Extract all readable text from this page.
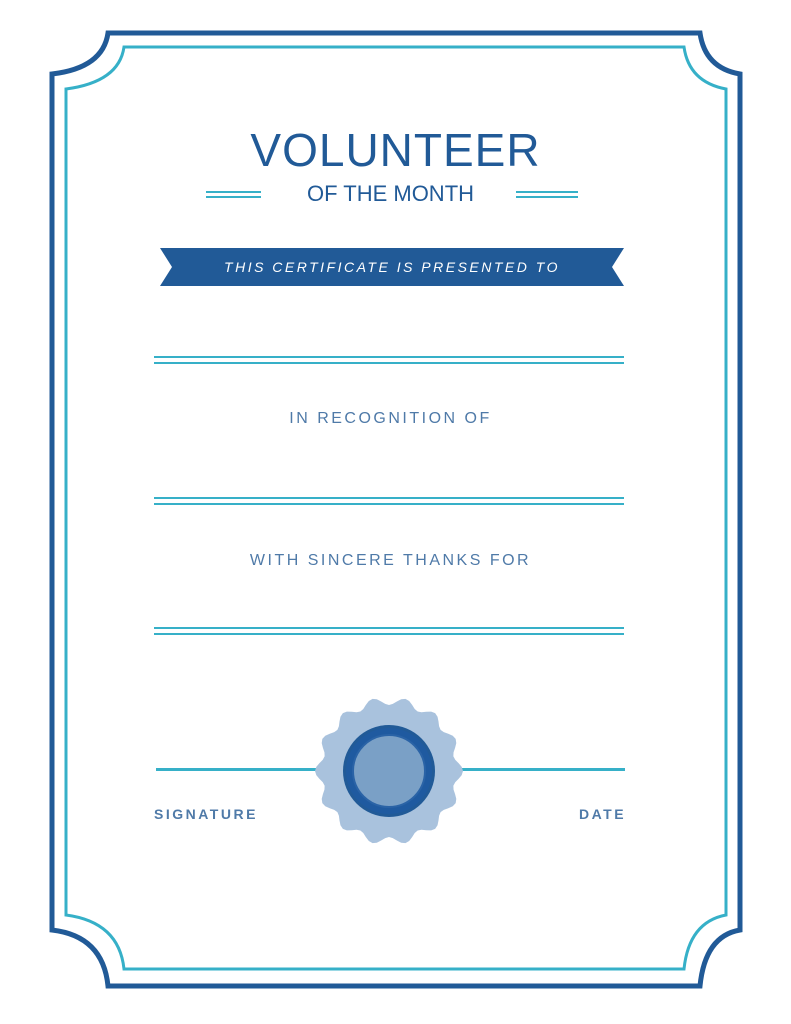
VOLUNTEER
OF THE MONTH
THIS CERTIFICATE IS PRESENTED TO
IN RECOGNITION OF
WITH SINCERE THANKS FOR
SIGNATURE	DATE
